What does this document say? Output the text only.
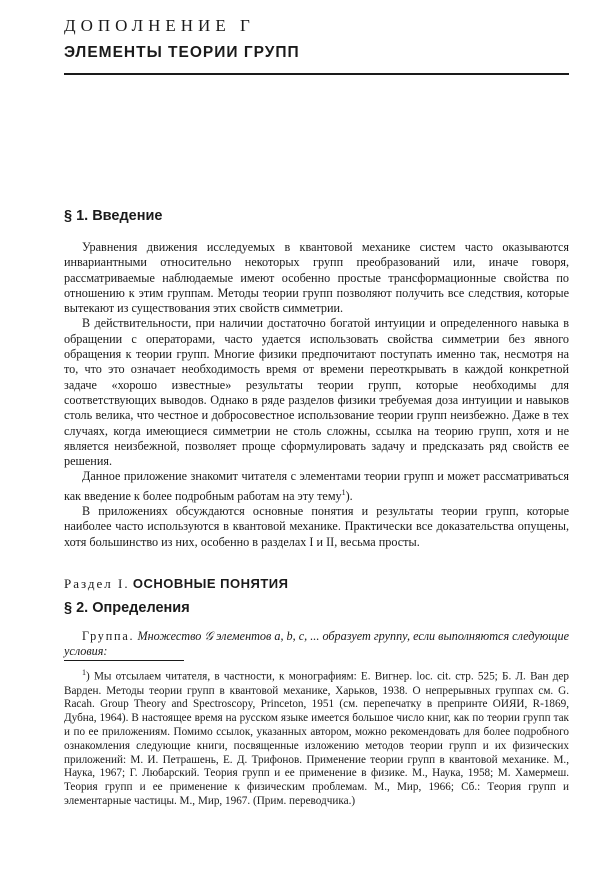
ДОПОЛНЕНИЕ Г
ЭЛЕМЕНТЫ ТЕОРИИ ГРУПП
§ 1. Введение

Уравнения движения исследуемых в квантовой механике систем часто оказываются инвариантными относительно некоторых групп преобразований или, иначе говоря, рассматриваемые наблюдаемые имеют особенно простые трансформационные свойства по отношению к этим группам. Методы теории групп позволяют получить все следствия, которые вытекают из существования этих свойств симметрии.

В действительности, при наличии достаточно богатой интуиции и определенного навыка в обращении с операторами, часто удается использовать свойства симметрии без явного обращения к теории групп. Многие физики предпочитают поступать именно так, несмотря на то, что это означает необходимость время от времени переоткрывать в каждой конкретной задаче «хорошо известные» результаты теории групп, которые необходимы для соответствующих выводов. Однако в ряде разделов физики требуемая доза интуиции и навыков столь велика, что честное и добросовестное использование теории групп неизбежно. Даже в тех случаях, когда имеющиеся симметрии не столь сложны, ссылка на теорию групп, хотя и не является неизбежной, позволяет проще сформулировать задачу и предсказать ряд свойств ее решения.

Данное приложение знакомит читателя с элементами теории групп и может рассматриваться как введение к более подробным работам на эту тему$^1$).

В приложениях обсуждаются основные понятия и результаты теории групп, которые наиболее часто используются в квантовой механике. Практически все доказательства опущены, хотя большинство из них, особенно в разделах I и II, весьма просты.

Раздел I. ОСНОВНЫЕ ПОНЯТИЯ
§ 2. Определения

Группа. Множество 𝒢 элементов a, b, c, ... образует группу, если выполняются следующие условия:

$^1$) Мы отсылаем читателя, в частности, к монографиям: Е. Вигнер. loc. cit. стр. 525; Б. Л. Ван дер Варден. Методы теории групп в квантовой механике, Харьков, 1938. О непрерывных группах см. G. Racah. Group Theory and Spectroscopy, Princeton, 1951 (см. перепечатку в препринте ОИЯИ, R-1869, Дубна, 1964). В настоящее время на русском языке имеется большое число книг, как по теории групп так и по ее приложениям. Помимо ссылок, указанных автором, можно рекомендовать для более подробного ознакомления следующие книги, посвященные изложению методов теории групп и их физических приложений: М. И. Петрашень, Е. Д. Трифонов. Применение теории групп в квантовой механике. М., Наука, 1967; Г. Любарский. Теория групп и ее применение в физике. М., Наука, 1958; М. Хамермеш. Теория групп и ее применение к физическим проблемам. М., Мир, 1966; Сб.: Теория групп и элементарные частицы. М., Мир, 1967. (Прим. переводчика.)
